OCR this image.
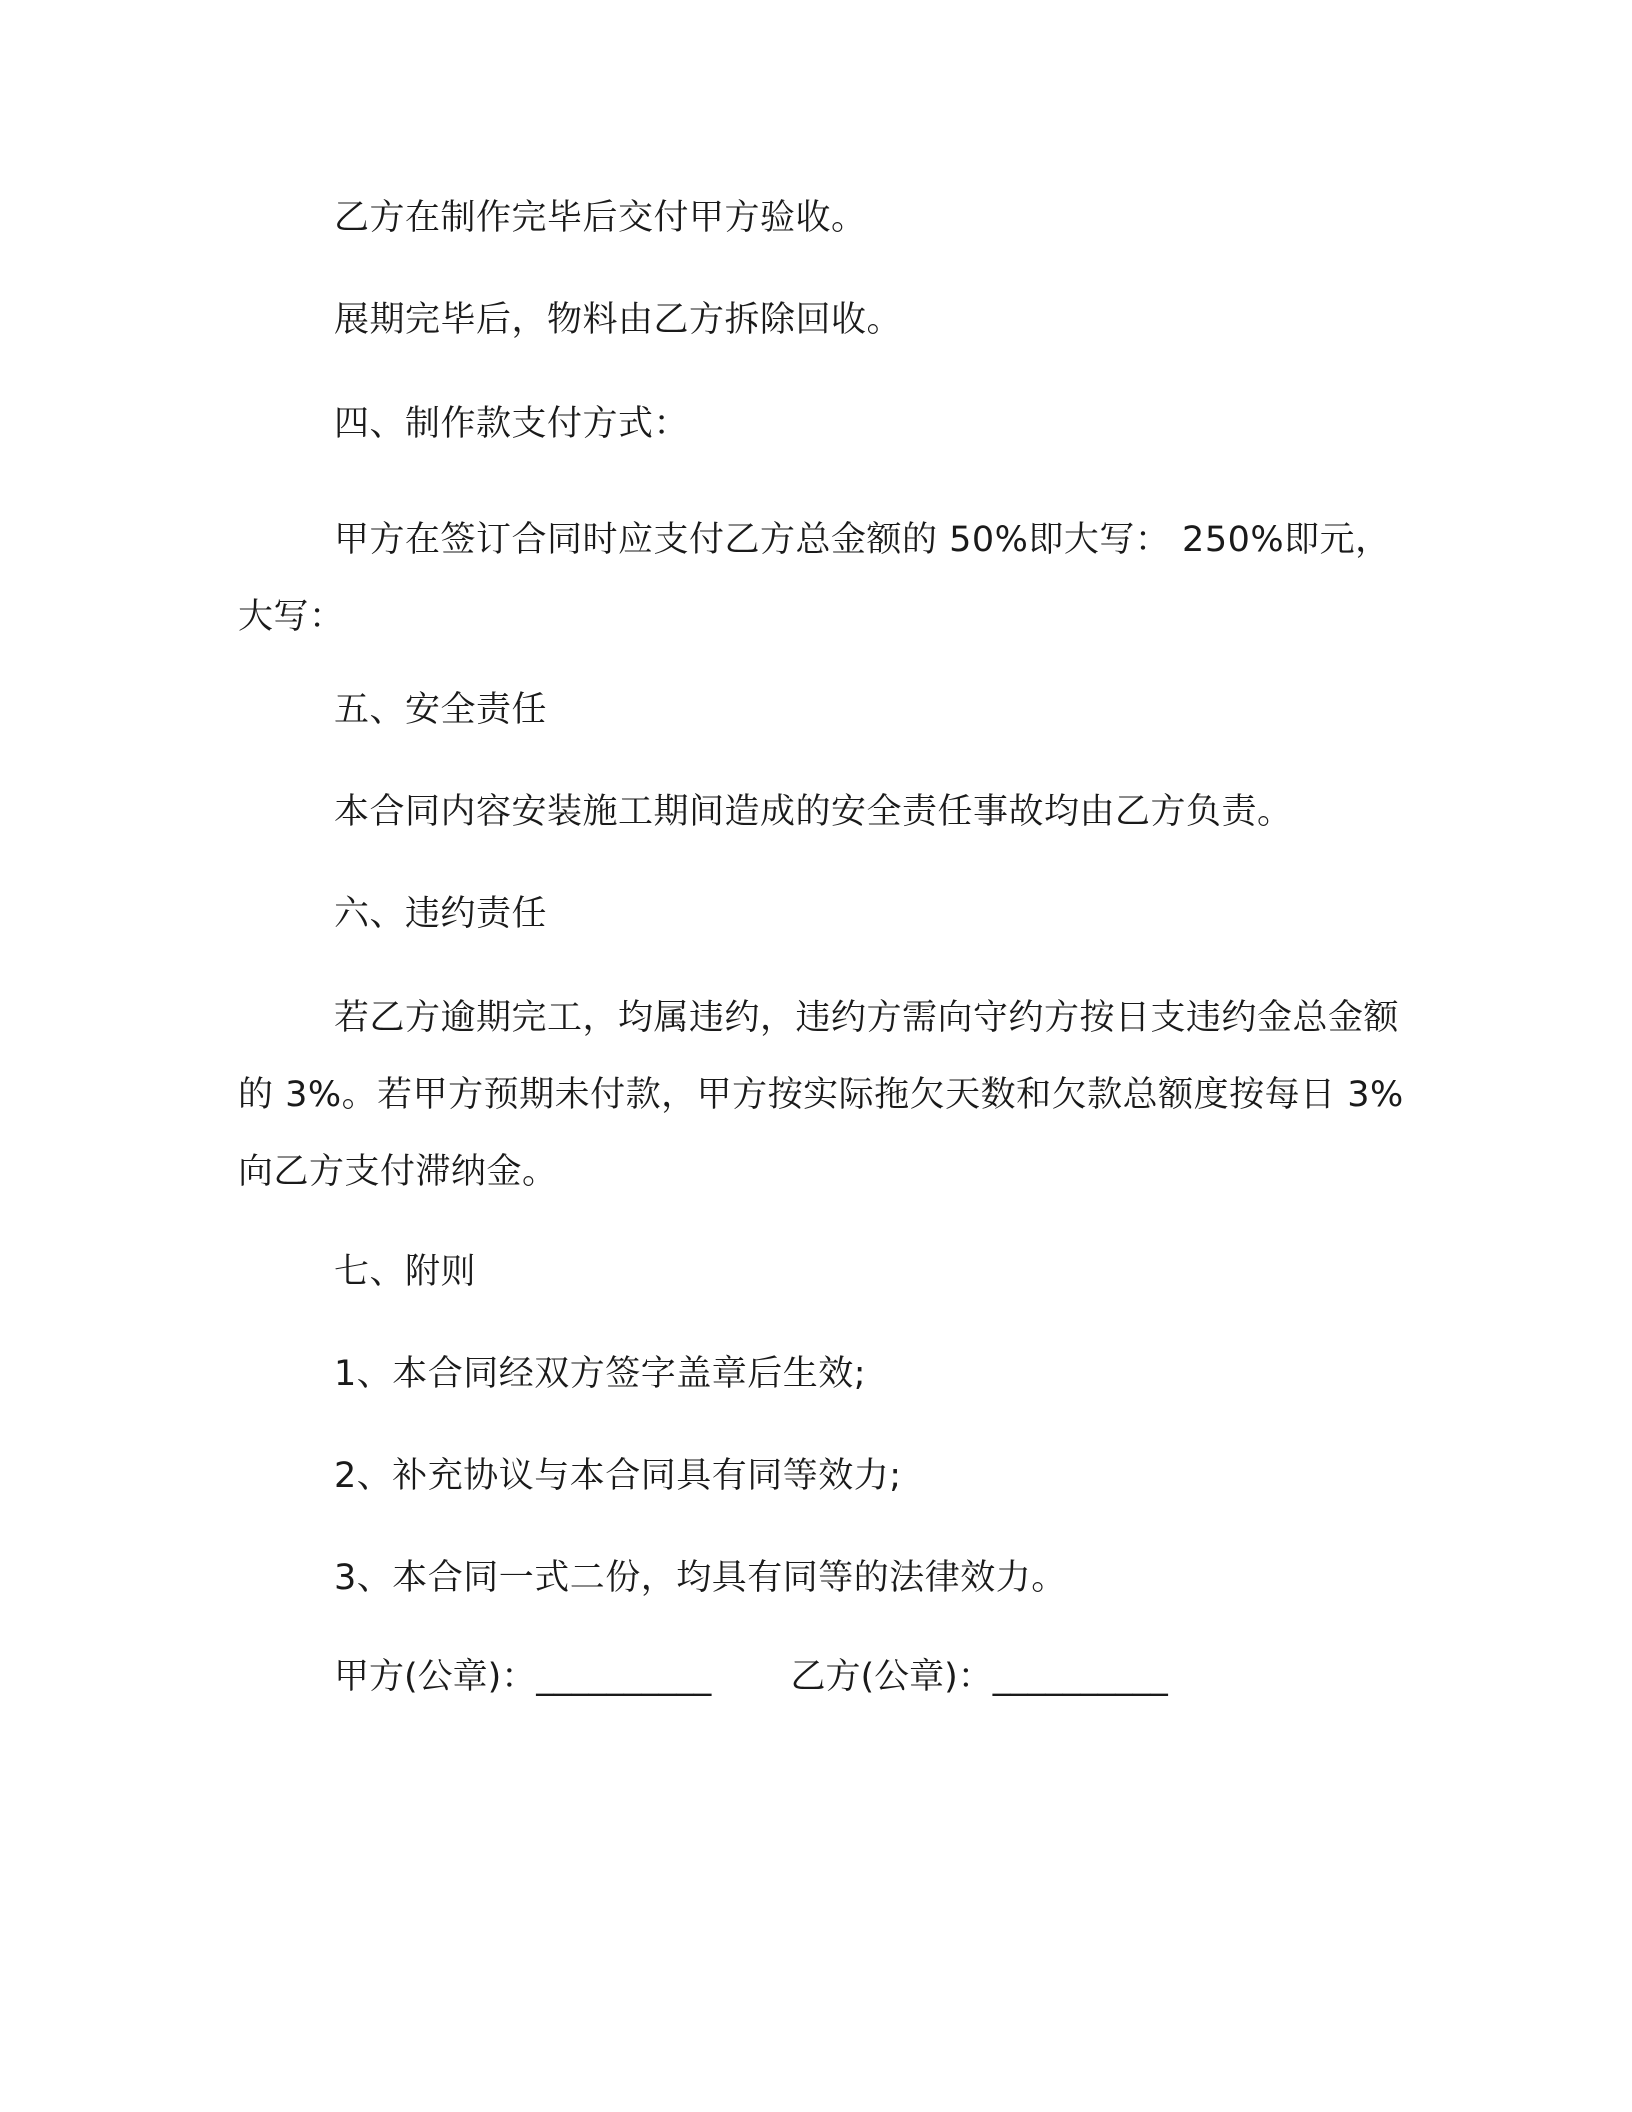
乙方在制作完毕后交付甲方验收。
展期完毕后，物料由乙方拆除回收。
四、制作款支付方式：
甲方在签订合同时应支付乙方总金额的 50%即大写： 250%即元，大写：
五、安全责任
本合同内容安装施工期间造成的安全责任事故均由乙方负责。
六、违约责任
若乙方逾期完工，均属违约，违约方需向守约方按日支违约金总金额的 3%。若甲方预期未付款，甲方按实际拖欠天数和欠款总额度按每日 3%向乙方支付滞纳金。
七、附则
1、本合同经双方签字盖章后生效;
2、补充协议与本合同具有同等效力;
3、本合同一式二份，均具有同等的法律效力。
甲方(公章)：__________ 乙方(公章)：__________
